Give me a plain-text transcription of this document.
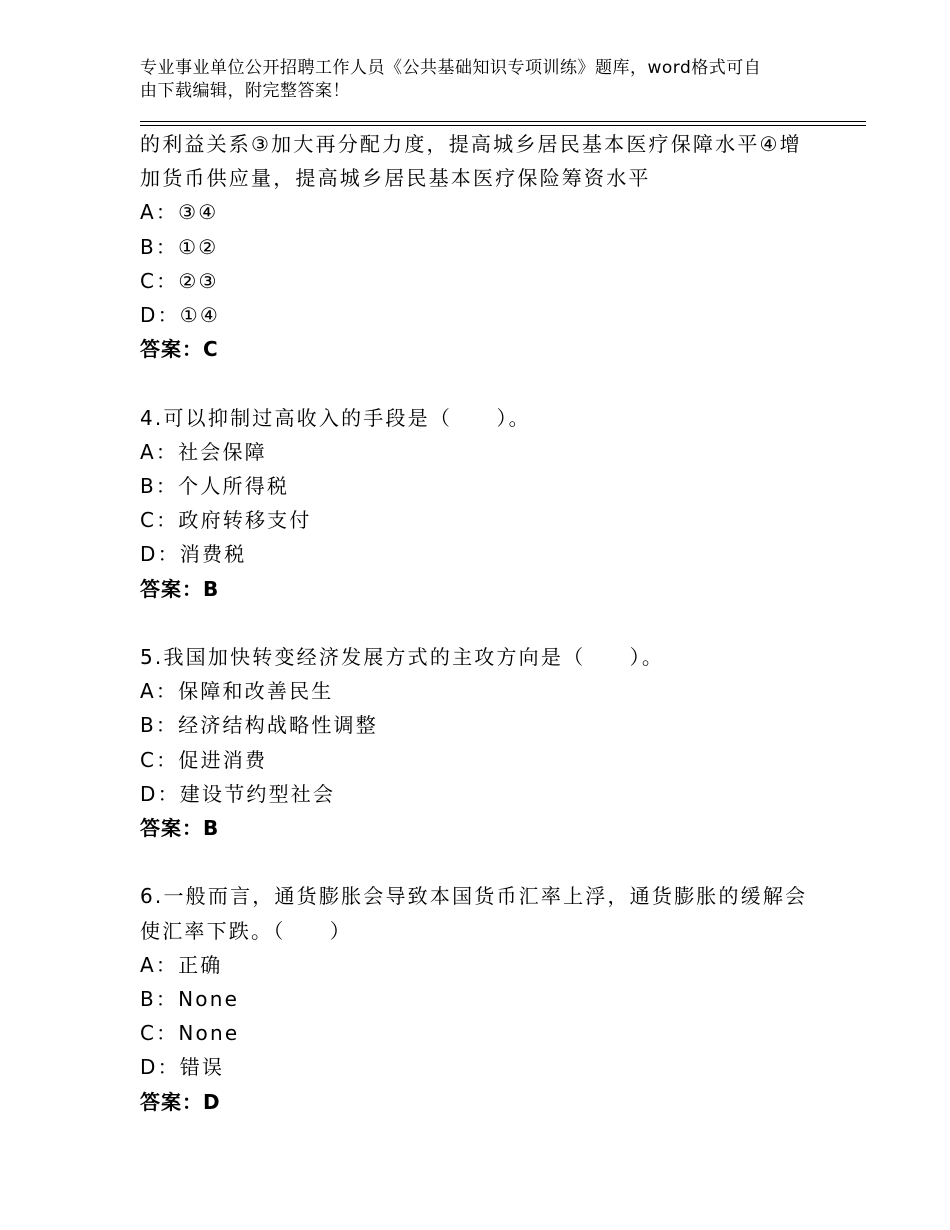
专业事业单位公开招聘工作人员《公共基础知识专项训练》题库，word格式可自
由下载编辑，附完整答案！
的利益关系③加大再分配力度，提高城乡居民基本医疗保障水平④增
加货币供应量，提高城乡居民基本医疗保险筹资水平
A：③④
B：①②
C：②③
D：①④
答案：C
4.可以抑制过高收入的手段是（　　）。
A：社会保障
B：个人所得税
C：政府转移支付
D：消费税
答案：B
5.我国加快转变经济发展方式的主攻方向是（　　）。
A：保障和改善民生
B：经济结构战略性调整
C：促进消费
D：建设节约型社会
答案：B
6.一般而言，通货膨胀会导致本国货币汇率上浮，通货膨胀的缓解会
使汇率下跌。（　　）
A：正确
B：None
C：None
D：错误
答案：D
